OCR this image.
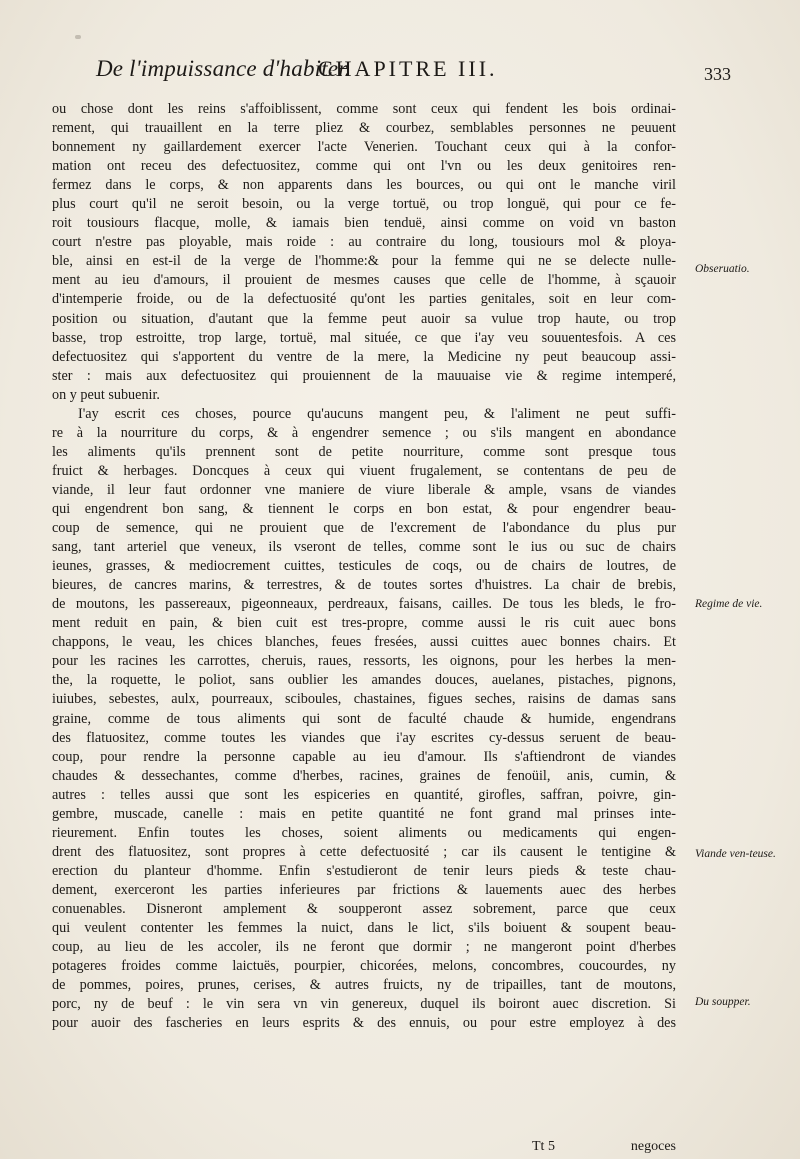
De l'impuissance d'habiter.
CHAPITRE III.	333
ou chose dont les reins s'affoiblissent, comme sont ceux qui fendent les bois ordinai-
rement, qui trauaillent en la terre pliez & courbez, semblables personnes ne peuuent
bonnement ny gaillardement exercer l'acte Venerien. Touchant ceux qui à la confor-
mation ont receu des defectuositez, comme qui ont l'vn ou les deux genitoires ren-
fermez dans le corps, & non apparents dans les bources, ou qui ont le manche viril
plus court qu'il ne seroit besoin, ou la verge tortuë, ou trop longuë, qui pour ce fe-
roit tousiours flacque, molle, & iamais bien tenduë, ainsi comme on void vn baston
court n'estre pas ployable, mais roide : au contraire du long, tousiours mol & ploya-
ble, ainsi en est-il de la verge de l'homme:& pour la femme qui ne se delecte nulle-
ment au ieu d'amours, il prouient de mesmes causes que celle de l'homme, à sçauoir
d'intemperie froide, ou de la defectuosité qu'ont les parties genitales, soit en leur com-
position ou situation, d'autant que la femme peut auoir sa vulue trop haute, ou trop
basse, trop estroitte, trop large, tortuë, mal située, ce que i'ay veu souuentesfois. A ces
defectuositez qui s'apportent du ventre de la mere, la Medicine ny peut beaucoup assi-
ster : mais aux defectuositez qui prouiennent de la mauuaise vie & regime intemperé,
on y peut subuenir.
I'ay escrit ces choses, pource qu'aucuns mangent peu, & l'aliment ne peut suffi-
re à la nourriture du corps, & à engendrer semence ; ou s'ils mangent en abondance
les aliments qu'ils prennent sont de petite nourriture, comme sont presque tous
fruict & herbages. Doncques à ceux qui viuent frugalement, se contentans de peu de
viande, il leur faut ordonner vne maniere de viure liberale & ample, vsans de viandes
qui engendrent bon sang, & tiennent le corps en bon estat, & pour engendrer beau-
coup de semence, qui ne prouient que de l'excrement de l'abondance du plus pur
sang, tant arteriel que veneux, ils vseront de telles, comme sont le ius ou suc de chairs
ieunes, grasses, & mediocrement cuittes, testicules de coqs, ou de chairs de loutres, de
bieures, de cancres marins, & terrestres, & de toutes sortes d'huistres. La chair de brebis,
de moutons, les passereaux, pigeonneaux, perdreaux, faisans, cailles. De tous les bleds, le fro-
ment reduit en pain, & bien cuit est tres-propre, comme aussi le ris cuit auec bons
chappons, le veau, les chices blanches, feues fresées, aussi cuittes auec bonnes chairs. Et
pour les racines les carrottes, cheruis, raues, ressorts, les oignons, pour les herbes la men-
the, la roquette, le poliot, sans oublier les amandes douces, auelanes, pistaches, pignons,
iuiubes, sebestes, aulx, pourreaux, sciboules, chastaines, figues seches, raisins de damas sans
graine, comme de tous aliments qui sont de faculté chaude & humide, engendrans
des flatuositez, comme toutes les viandes que i'ay escrites cy-dessus seruent de beau-
coup, pour rendre la personne capable au ieu d'amour. Ils s'aftiendront de viandes
chaudes & dessechantes, comme d'herbes, racines, graines de fenoüil, anis, cumin, &
autres : telles aussi que sont les espiceries en quantité, girofles, saffran, poivre, gin-
gembre, muscade, canelle : mais en petite quantité ne font grand mal prinses inte-
rieurement. Enfin toutes les choses, soient aliments ou medicaments qui engen-
drent des flatuositez, sont propres à cette defectuosité ; car ils causent le tentigine &
erection du planteur d'homme. Enfin s'estudieront de tenir leurs pieds & teste chau-
dement, exerceront les parties inferieures par frictions & lauements auec des herbes
conuenables. Disneront amplement & soupperont assez sobrement, parce que ceux
qui veulent contenter les femmes la nuict, dans le lict, s'ils boiuent & soupent beau-
coup, au lieu de les accoler, ils ne feront que dormir ; ne mangeront point d'herbes
potageres froides comme laictuës, pourpier, chicorées, melons, concombres, coucourdes, ny
de pommes, poires, prunes, cerises, & autres fruicts, ny de tripailles, tant de moutons,
porc, ny de beuf : le vin sera vn vin genereux, duquel ils boiront auec discretion. Si
pour auoir des fascheries en leurs esprits & des ennuis, ou pour estre employez à des
Obseruatio.
Regime de vie.
Viande ven-teuse.
Du soupper.
Tt 5	negoces
